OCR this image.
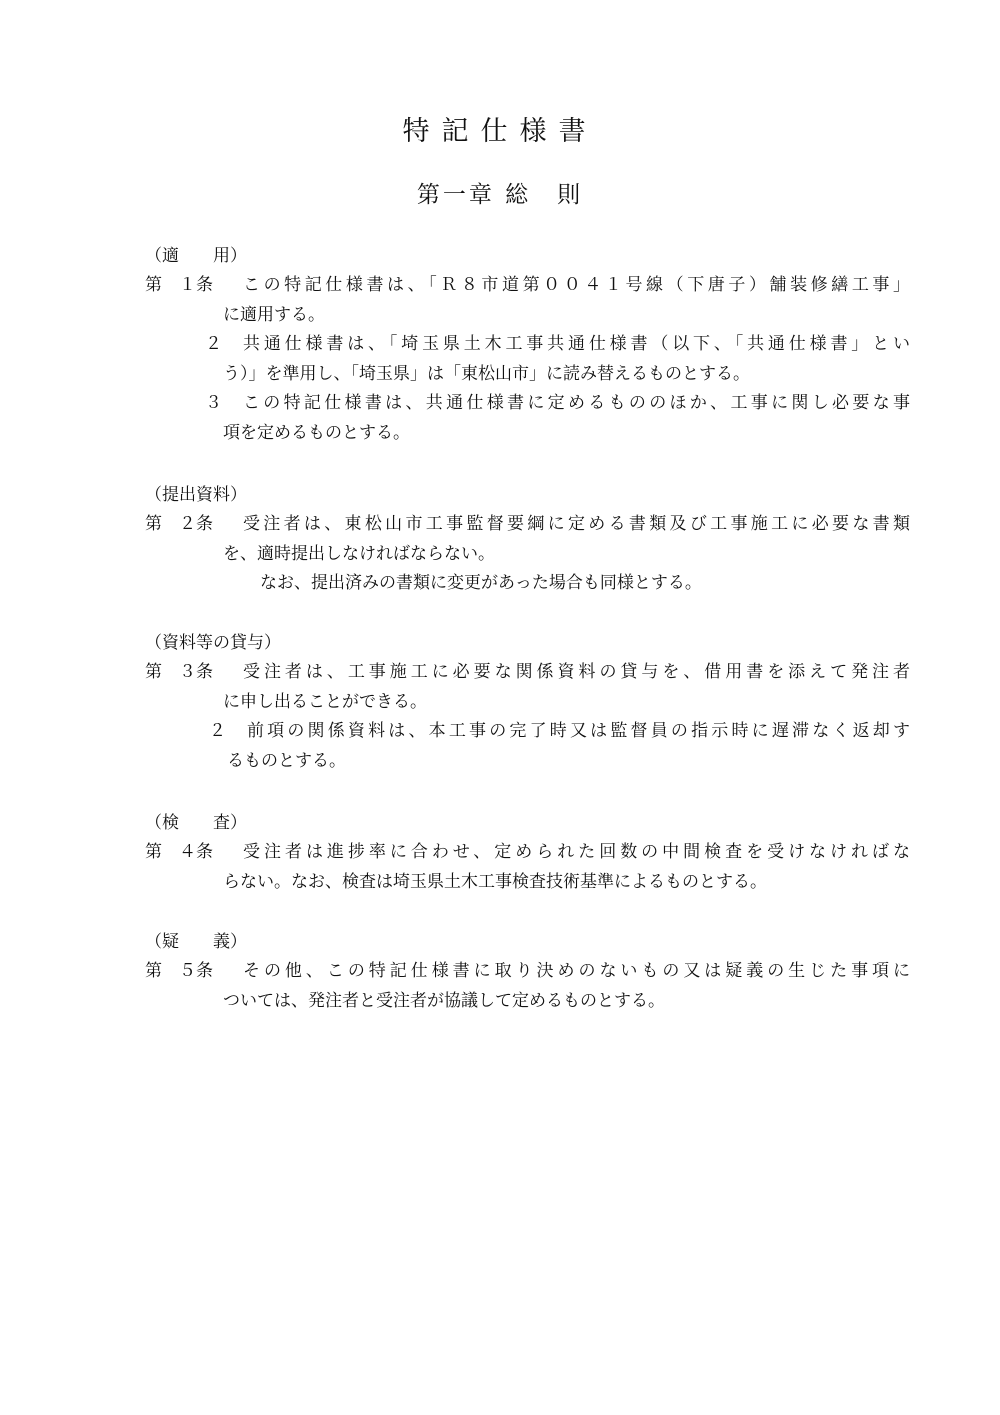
特記仕様書
第一章 総　則
（適　　用）
第　１条	この特記仕様書は、「Ｒ８市道第００４１号線（下唐子）舗装修繕工事」
に適用する。
２	共通仕様書は、「埼玉県土木工事共通仕様書（以下、「共通仕様書」とい
う）」を準用し、「埼玉県」は「東松山市」に読み替えるものとする。
３	この特記仕様書は、共通仕様書に定めるもののほか、工事に関し必要な事
項を定めるものとする。
（提出資料）
第　２条	受注者は、東松山市工事監督要綱に定める書類及び工事施工に必要な書類
を、適時提出しなければならない。
なお、提出済みの書類に変更があった場合も同様とする。
（資料等の貸与）
第　３条	受注者は、工事施工に必要な関係資料の貸与を、借用書を添えて発注者
に申し出ることができる。
２	前項の関係資料は、本工事の完了時又は監督員の指示時に遅滞なく返却す
るものとする。
（検　　査）
第　４条	受注者は進捗率に合わせ、定められた回数の中間検査を受けなければな
らない。なお、検査は埼玉県土木工事検査技術基準によるものとする。
（疑　　義）
第　５条	その他、この特記仕様書に取り決めのないもの又は疑義の生じた事項に
ついては、発注者と受注者が協議して定めるものとする。
